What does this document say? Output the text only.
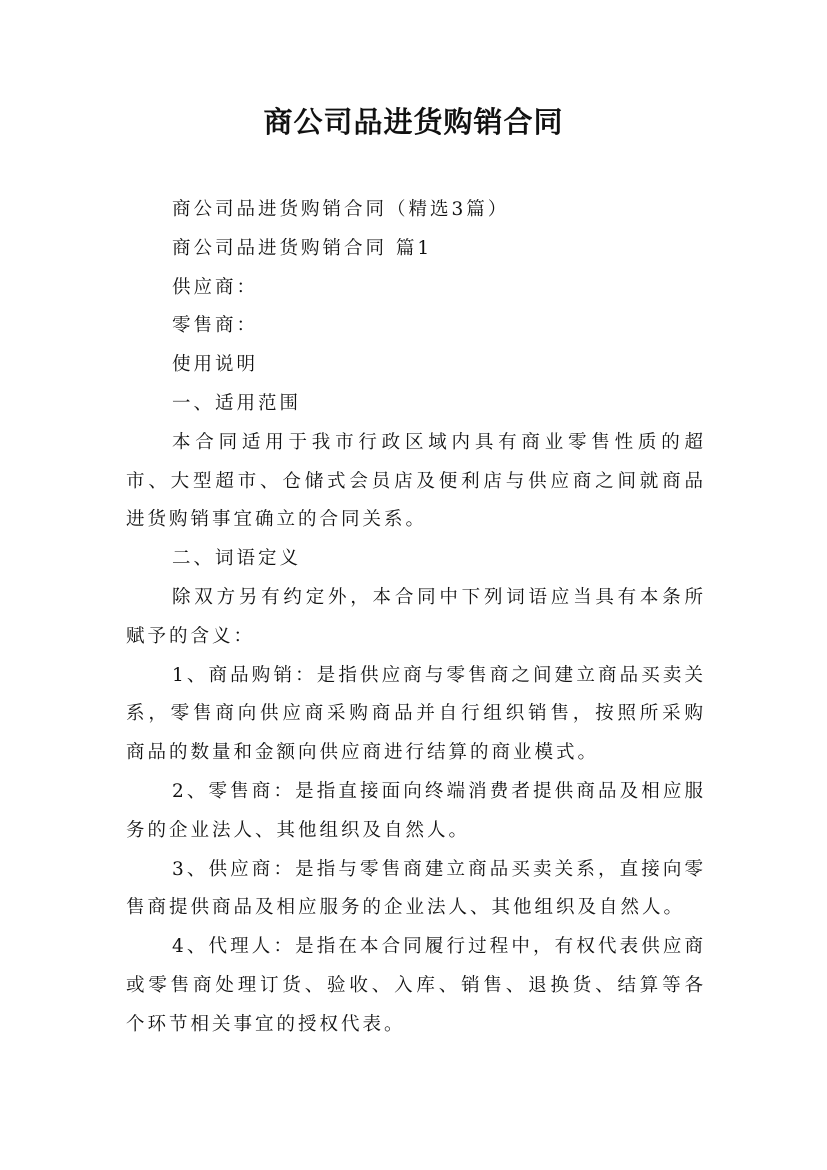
商公司品进货购销合同

商公司品进货购销合同（精选3篇）

商公司品进货购销合同 篇1

供应商：

零售商：

使用说明

一、适用范围

本合同适用于我市行政区域内具有商业零售性质的超市、大型超市、仓储式会员店及便利店与供应商之间就商品进货购销事宜确立的合同关系。

二、词语定义

除双方另有约定外，本合同中下列词语应当具有本条所赋予的含义：

1、商品购销：是指供应商与零售商之间建立商品买卖关系，零售商向供应商采购商品并自行组织销售，按照所采购商品的数量和金额向供应商进行结算的商业模式。

2、零售商：是指直接面向终端消费者提供商品及相应服务的企业法人、其他组织及自然人。

3、供应商：是指与零售商建立商品买卖关系，直接向零售商提供商品及相应服务的企业法人、其他组织及自然人。

4、代理人：是指在本合同履行过程中，有权代表供应商或零售商处理订货、验收、入库、销售、退换货、结算等各个环节相关事宜的授权代表。
